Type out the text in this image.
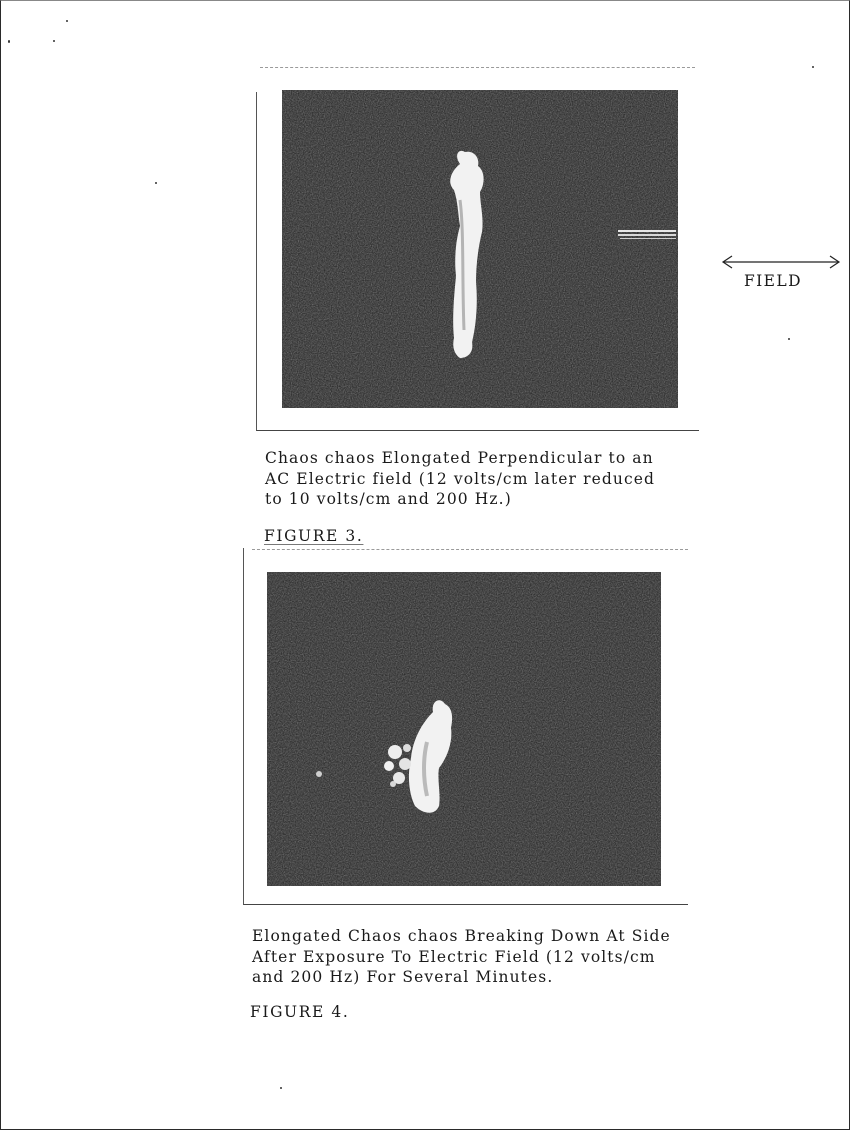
Chaos chaos Elongated Perpendicular to an
AC Electric field (12 volts/cm later reduced
to 10 volts/cm and 200 Hz.)

FIGURE 3.

FIELD

Elongated Chaos chaos Breaking Down At Side
After Exposure To Electric Field (12 volts/cm
and 200 Hz) For Several Minutes.

FIGURE 4.
